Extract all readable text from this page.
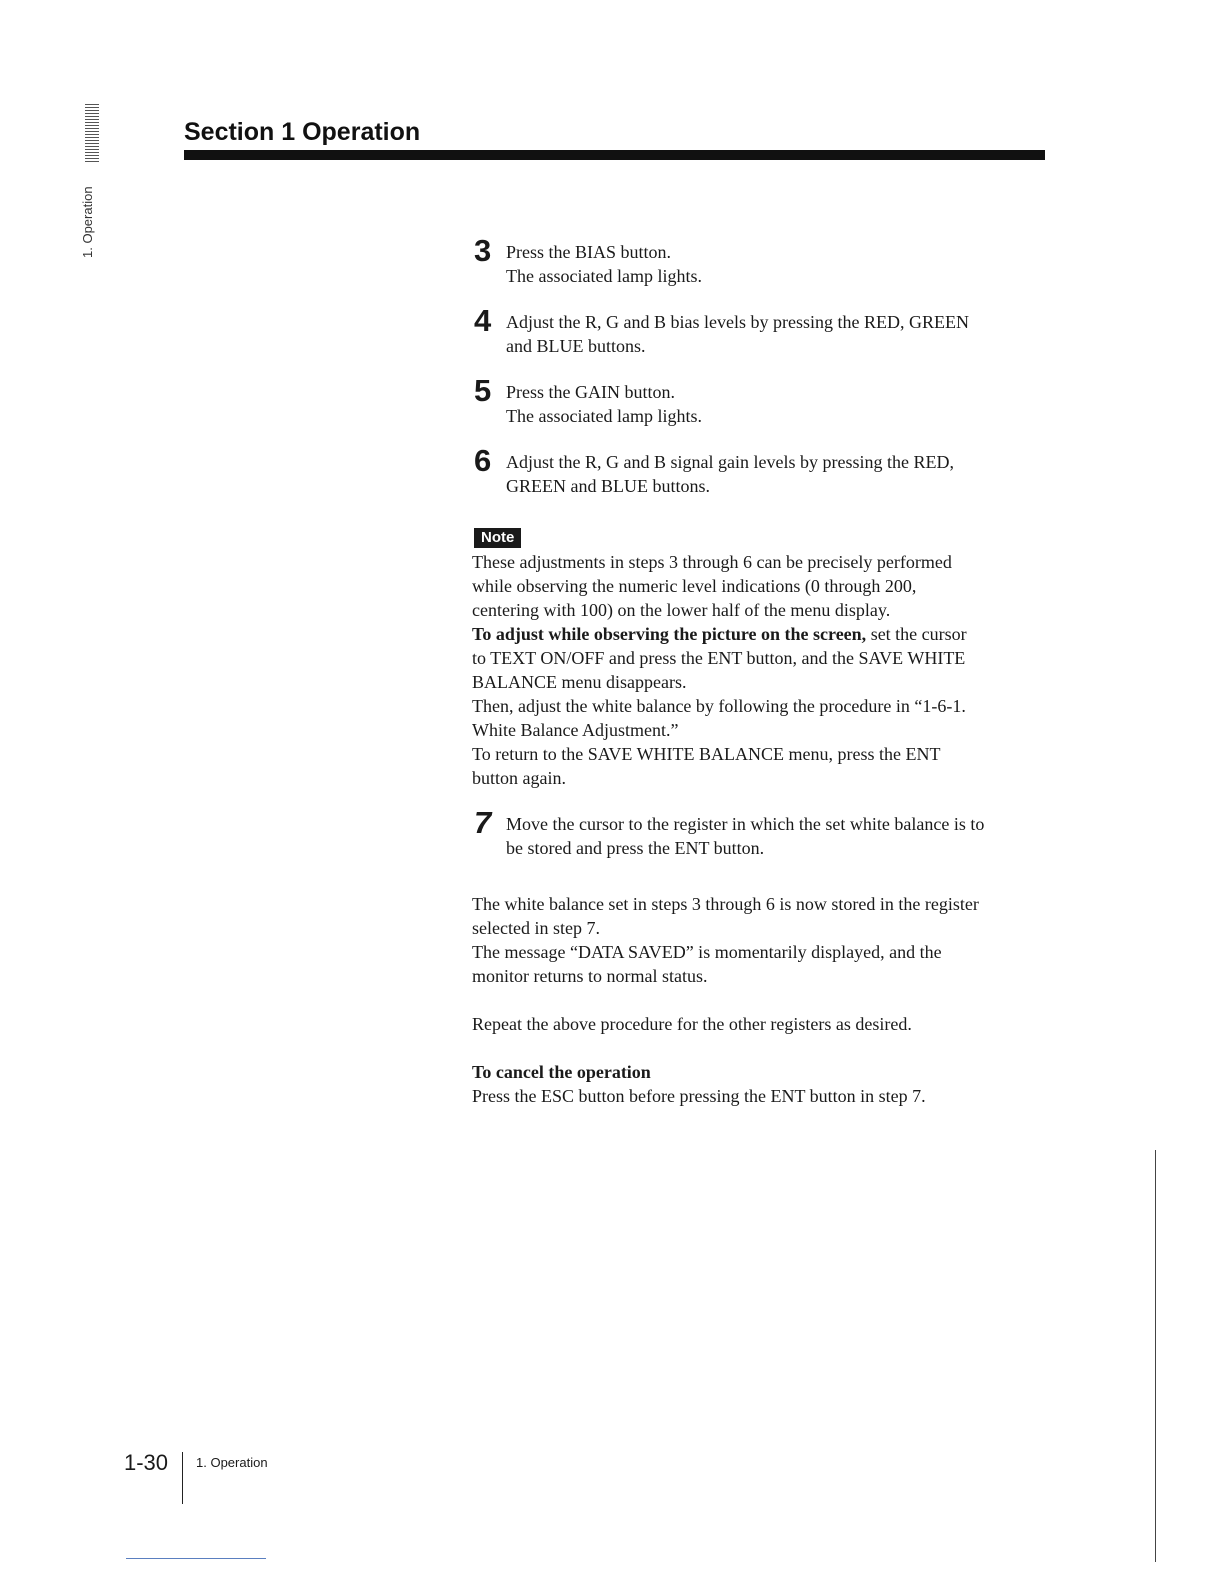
1. Operation
Section 1 Operation
3 Press the BIAS button.

The associated lamp lights.

4 Adjust the R, G and B bias levels by pressing the RED, GREEN

and BLUE buttons.

5 Press the GAIN button.

The associated lamp lights.

6 Adjust the R, G and B signal gain levels by pressing the RED,

GREEN and BLUE buttons.

Note

These adjustments in steps 3 through 6 can be precisely performed

while observing the numeric level indications (0 through 200,

centering with 100) on the lower half of the menu display.

To adjust while observing the picture on the screen, set the cursor

to TEXT ON/OFF and press the ENT button, and the SAVE WHITE

BALANCE menu disappears.

Then, adjust the white balance by following the procedure in “1-6-1.

White Balance Adjustment.”

To return to the SAVE WHITE BALANCE menu, press the ENT

button again.

7 Move the cursor to the register in which the set white balance is to

be stored and press the ENT button.

The white balance set in steps 3 through 6 is now stored in the register

selected in step 7.

The message “DATA SAVED” is momentarily displayed, and the

monitor returns to normal status.

Repeat the above procedure for the other registers as desired.

To cancel the operation

Press the ESC button before pressing the ENT button in step 7.

1-30 1. Operation
